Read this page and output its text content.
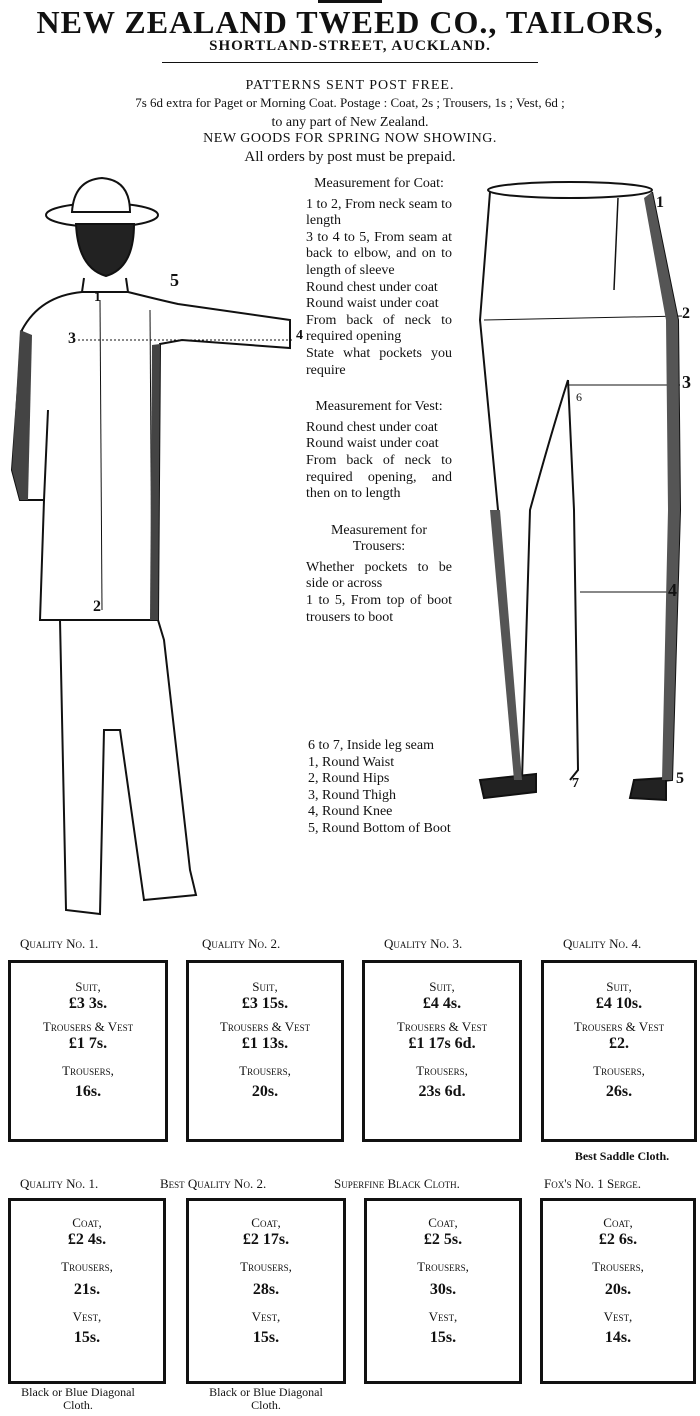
NEW ZEALAND TWEED CO., TAILORS,
SHORTLAND-STREET, AUCKLAND.
PATTERNS SENT POST FREE.
7s 6d extra for Paget or Morning Coat. Postage : Coat, 2s ; Trousers, 1s ; Vest, 6d ;
to any part of New Zealand.
NEW GOODS FOR SPRING NOW SHOWING.
All orders by post must be prepaid.
1
2
3	4
5
1
2
3
4
5
6
7
Measurement for Coat:
1 to 2, From neck seam to length
3 to 4 to 5, From seam at back to elbow, and on to length of sleeve
Round chest under coat
Round waist under coat
From back of neck to required opening
State what pockets you require
Measurement for Vest:
Round chest under coat
Round waist under coat
From back of neck to required opening, and then on to length
Measurement for Trousers:
Whether pockets to be side or across
1 to 5, From top of boot trousers to boot
6 to 7, Inside leg seam
1, Round Waist
2, Round Hips
3, Round Thigh
4, Round Knee
5, Round Bottom of Boot
Quality No. 1.	Quality No. 2.	Quality No. 3.	Quality No. 4.
Suit,
£3 3s.
Trousers & Vest
£1 7s.
Trousers,
16s.
Suit,
£3 15s.
Trousers & Vest
£1 13s.
Trousers,
20s.
Suit,
£4 4s.
Trousers & Vest
£1 17s 6d.
Trousers,
23s 6d.
Suit,
£4 10s.
Trousers & Vest
£2.
Trousers,
26s.
Best Saddle Cloth.
Quality No. 1.	Best Quality No. 2.	Superfine Black Cloth.	Fox's No. 1 Serge.
Coat,
£2 4s.
Trousers,
21s.
Vest,
15s.
Coat,
£2 17s.
Trousers,
28s.
Vest,
15s.
Coat,
£2 5s.
Trousers,
30s.
Vest,
15s.
Coat,
£2 6s.
Trousers,
20s.
Vest,
14s.
Black or Blue Diagonal Cloth.
Black or Blue Diagonal Cloth.
